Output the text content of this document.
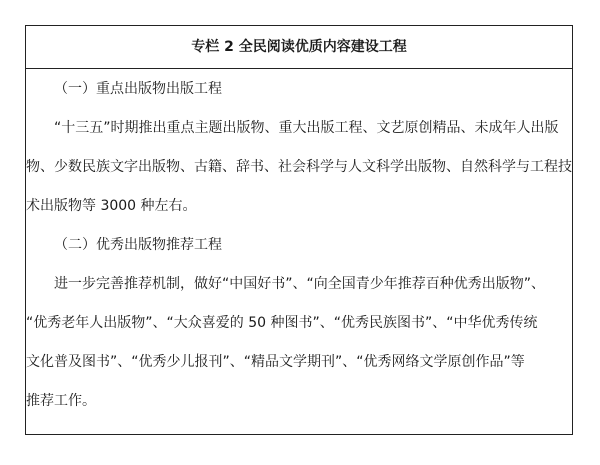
专栏 2 全民阅读优质内容建设工程
（一）重点出版物出版工程
“十三五”时期推出重点主题出版物、重大出版工程、文艺原创精品、未成年人出版
物、少数民族文字出版物、古籍、辞书、社会科学与人文科学出版物、自然科学与工程技
术出版物等 3000 种左右。
（二）优秀出版物推荐工程
进一步完善推荐机制，做好“中国好书”、“向全国青少年推荐百种优秀出版物”、
“优秀老年人出版物”、“大众喜爱的 50 种图书”、“优秀民族图书”、“中华优秀传统
文化普及图书”、“优秀少儿报刊”、“精品文学期刊”、“优秀网络文学原创作品”等
推荐工作。
